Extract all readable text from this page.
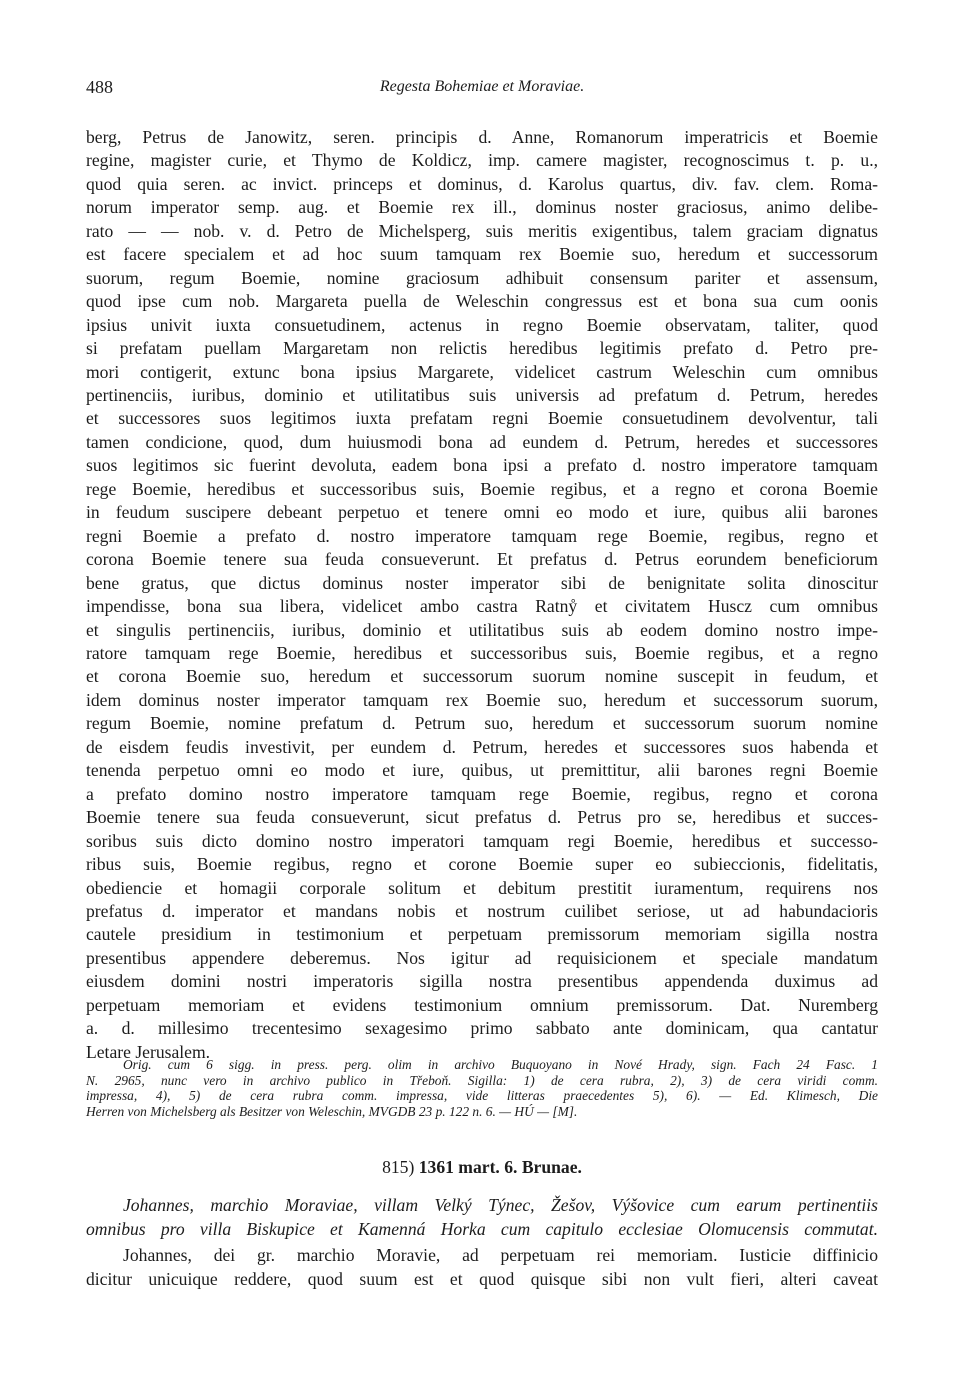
488	Regesta Bohemiae et Moraviae.
berg, Petrus de Janowitz, seren. principis d. Anne, Romanorum imperatricis et Boemie
regine, magister curie, et Thymo de Koldicz, imp. camere magister, recognoscimus t. p. u.,
quod quia seren. ac invict. princeps et dominus, d. Karolus quartus, div. fav. clem. Roma-
norum imperator semp. aug. et Boemie rex ill., dominus noster graciosus, animo delibe-
rato — — nob. v. d. Petro de Michelsperg, suis meritis exigentibus, talem graciam dignatus
est facere specialem et ad hoc suum tamquam rex Boemie suo, heredum et successorum
suorum, regum Boemie, nomine graciosum adhibuit consensum pariter et assensum,
quod ipse cum nob. Margareta puella de Weleschin congressus est et bona sua cum oonis
ipsius univit iuxta consuetudinem, actenus in regno Boemie observatam, taliter, quod
si prefatam puellam Margaretam non relictis heredibus legitimis prefato d. Petro pre-
mori contigerit, extunc bona ipsius Margarete, videlicet castrum Weleschin cum omnibus
pertinenciis, iuribus, dominio et utilitatibus suis universis ad prefatum d. Petrum, heredes
et successores suos legitimos iuxta prefatam regni Boemie consuetudinem devolventur, tali
tamen condicione, quod, dum huiusmodi bona ad eundem d. Petrum, heredes et successores
suos legitimos sic fuerint devoluta, eadem bona ipsi a prefato d. nostro imperatore tamquam
rege Boemie, heredibus et successoribus suis, Boemie regibus, et a regno et corona Boemie
in feudum suscipere debeant perpetuo et tenere omni eo modo et iure, quibus alii barones
regni Boemie a prefato d. nostro imperatore tamquam rege Boemie, regibus, regno et
corona Boemie tenere sua feuda consueverunt. Et prefatus d. Petrus eorundem beneficiorum
bene gratus, que dictus dominus noster imperator sibi de benignitate solita dinoscitur
impendisse, bona sua libera, videlicet ambo castra Ratnẙ et civitatem Huscz cum omnibus
et singulis pertinenciis, iuribus, dominio et utilitatibus suis ab eodem domino nostro impe-
ratore tamquam rege Boemie, heredibus et successoribus suis, Boemie regibus, et a regno
et corona Boemie suo, heredum et successorum suorum nomine suscepit in feudum, et
idem dominus noster imperator tamquam rex Boemie suo, heredum et successorum suorum,
regum Boemie, nomine prefatum d. Petrum suo, heredum et successorum suorum nomine
de eisdem feudis investivit, per eundem d. Petrum, heredes et successores suos habenda et
tenenda perpetuo omni eo modo et iure, quibus, ut premittitur, alii barones regni Boemie
a prefato domino nostro imperatore tamquam rege Boemie, regibus, regno et corona
Boemie tenere sua feuda consueverunt, sicut prefatus d. Petrus pro se, heredibus et succes-
soribus suis dicto domino nostro imperatori tamquam regi Boemie, heredibus et successo-
ribus suis, Boemie regibus, regno et corone Boemie super eo subieccionis, fidelitatis,
obediencie et homagii corporale solitum et debitum prestitit iuramentum, requirens nos
prefatus d. imperator et mandans nobis et nostrum cuilibet seriose, ut ad habundacioris
cautele presidium in testimonium et perpetuam premissorum memoriam sigilla nostra
presentibus appendere deberemus. Nos igitur ad requisicionem et speciale mandatum
eiusdem domini nostri imperatoris sigilla nostra presentibus appendenda duximus ad
perpetuam memoriam et evidens testimonium omnium premissorum. Dat. Nuremberg
a. d. millesimo trecentesimo sexagesimo primo sabbato ante dominicam, qua cantatur
Letare Jerusalem.
Orig. cum 6 sigg. in press. perg. olim in archivo Buquoyano in Nové Hrady, sign. Fach 24 Fasc. 1
N. 2965, nunc vero in archivo publico in Třeboň. Sigilla: 1) de cera rubra, 2), 3) de cera viridi comm.
impressa, 4), 5) de cera rubra comm. impressa, vide litteras praecedentes 5), 6). — Ed. Klimesch, Die
Herren von Michelsberg als Besitzer von Weleschin, MVGDB 23 p. 122 n. 6. — HÚ — [M].
815) 1361 mart. 6. Brunae.
Johannes, marchio Moraviae, villam Velký Týnec, Žešov, Výšovice cum earum pertinentiis
omnibus pro villa Biskupice et Kamenná Horka cum capitulo ecclesiae Olomucensis commutat.
Johannes, dei gr. marchio Moravie, ad perpetuam rei memoriam. Iusticie diffinicio
dicitur unicuique reddere, quod suum est et quod quisque sibi non vult fieri, alteri caveat
